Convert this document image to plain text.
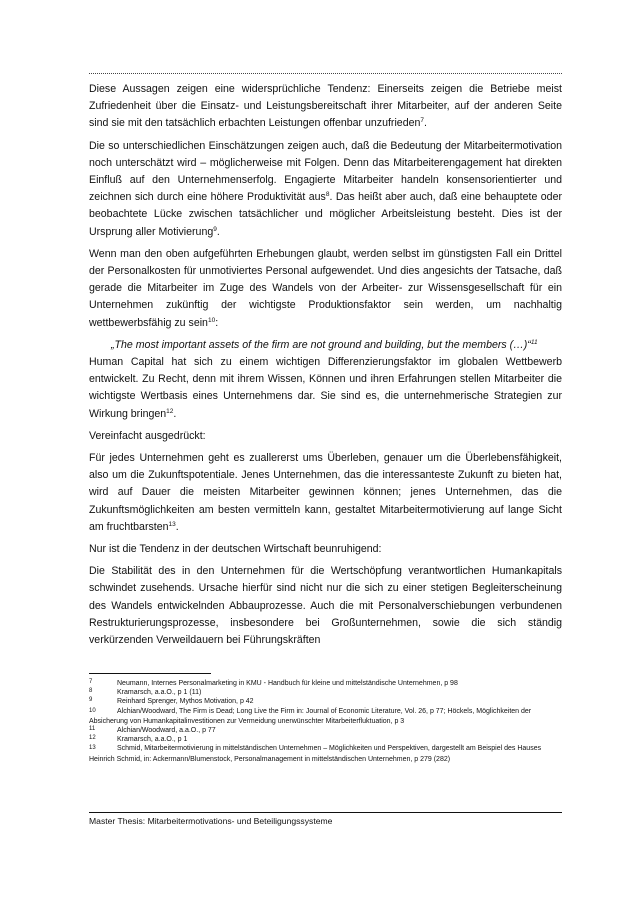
Diese Aussagen zeigen eine widersprüchliche Tendenz: Einerseits zeigen die Betriebe meist Zufriedenheit über die Einsatz- und Leistungsbereitschaft ihrer Mitarbeiter, auf der anderen Seite sind sie mit den tatsächlich erbachten Leistungen offenbar unzufrieden$^7$.

Die so unterschiedlichen Einschätzungen zeigen auch, daß die Bedeutung der Mitarbeitermotivation noch unterschätzt wird – möglicherweise mit Folgen. Denn das Mitarbeiterengagement hat direkten Einfluß auf den Unternehmenserfolg. Engagierte Mitarbeiter handeln konsensorientierter und zeichnen sich durch eine höhere Produktivität aus$^8$. Das heißt aber auch, daß eine behauptete oder beobachtete Lücke zwischen tatsächlicher und möglicher Arbeitsleistung besteht. Dies ist der Ursprung aller Motivierung$^9$.

Wenn man den oben aufgeführten Erhebungen glaubt, werden selbst im günstigsten Fall ein Drittel der Personalkosten für unmotiviertes Personal aufgewendet. Und dies angesichts der Tatsache, daß gerade die Mitarbeiter im Zuge des Wandels von der Arbeiter- zur Wissensgesellschaft für ein Unternehmen zukünftig der wichtigste Produktionsfaktor sein werden, um nachhaltig wettbewerbsfähig zu sein$^{10}$:

„The most important assets of the firm are not ground and building, but the members (…)“$^{11}$

Human Capital hat sich zu einem wichtigen Differenzierungsfaktor im globalen Wettbewerb entwickelt. Zu Recht, denn mit ihrem Wissen, Können und ihren Erfahrungen stellen Mitarbeiter die wichtigste Wertbasis eines Unternehmens dar. Sie sind es, die unternehmerische Strategien zur Wirkung bringen$^{12}$.

Vereinfacht ausgedrückt:

Für jedes Unternehmen geht es zuallererst ums Überleben, genauer um die Überlebensfähigkeit, also um die Zukunftspotentiale. Jenes Unternehmen, das die interessanteste Zukunft zu bieten hat, wird auf Dauer die meisten Mitarbeiter gewinnen können; jenes Unternehmen, das die Zukunftsmöglichkeiten am besten vermitteln kann, gestaltet Mitarbeitermotivierung auf lange Sicht am fruchtbarsten$^{13}$.

Nur ist die Tendenz in der deutschen Wirtschaft beunruhigend:

Die Stabilität des in den Unternehmen für die Wertschöpfung verantwortlichen Humankapitals schwindet zusehends. Ursache hierfür sind nicht nur die sich zu einer stetigen Begleiterscheinung des Wandels entwickelnden Abbauprozesse. Auch die mit Personalverschiebungen verbundenen Restrukturierungsprozesse, insbesondere bei Großunternehmen, sowie die sich ständig verkürzenden Verweildauern bei Führungskräften

7	Neumann, Internes Personalmarketing in KMU - Handbuch für kleine und mittelständische Unternehmen, p 98
8	Kramarsch, a.a.O., p 1 (11)
9	Reinhard Sprenger, Mythos Motivation, p 42
10	Alchian/Woodward, The Firm is Dead; Long Live the Firm in: Journal of Economic Literature, Vol. 26, p 77; Höckels, Möglichkeiten der Absicherung von Humankapitalinvestitionen zur Vermeidung unerwünschter Mitarbeiterfluktuation, p 3
11	Alchian/Woodward, a.a.O., p 77
12	Kramarsch, a.a.O., p 1
13	Schmid, Mitarbeitermotivierung in mittelständischen Unternehmen – Möglichkeiten und Perspektiven, dargestellt am Beispiel des Hauses Heinrich Schmid, in: Ackermann/Blumenstock, Personalmanagement in mittelständischen Unternehmen, p 279 (282)
Master Thesis: Mitarbeitermotivations- und Beteiligungssysteme
